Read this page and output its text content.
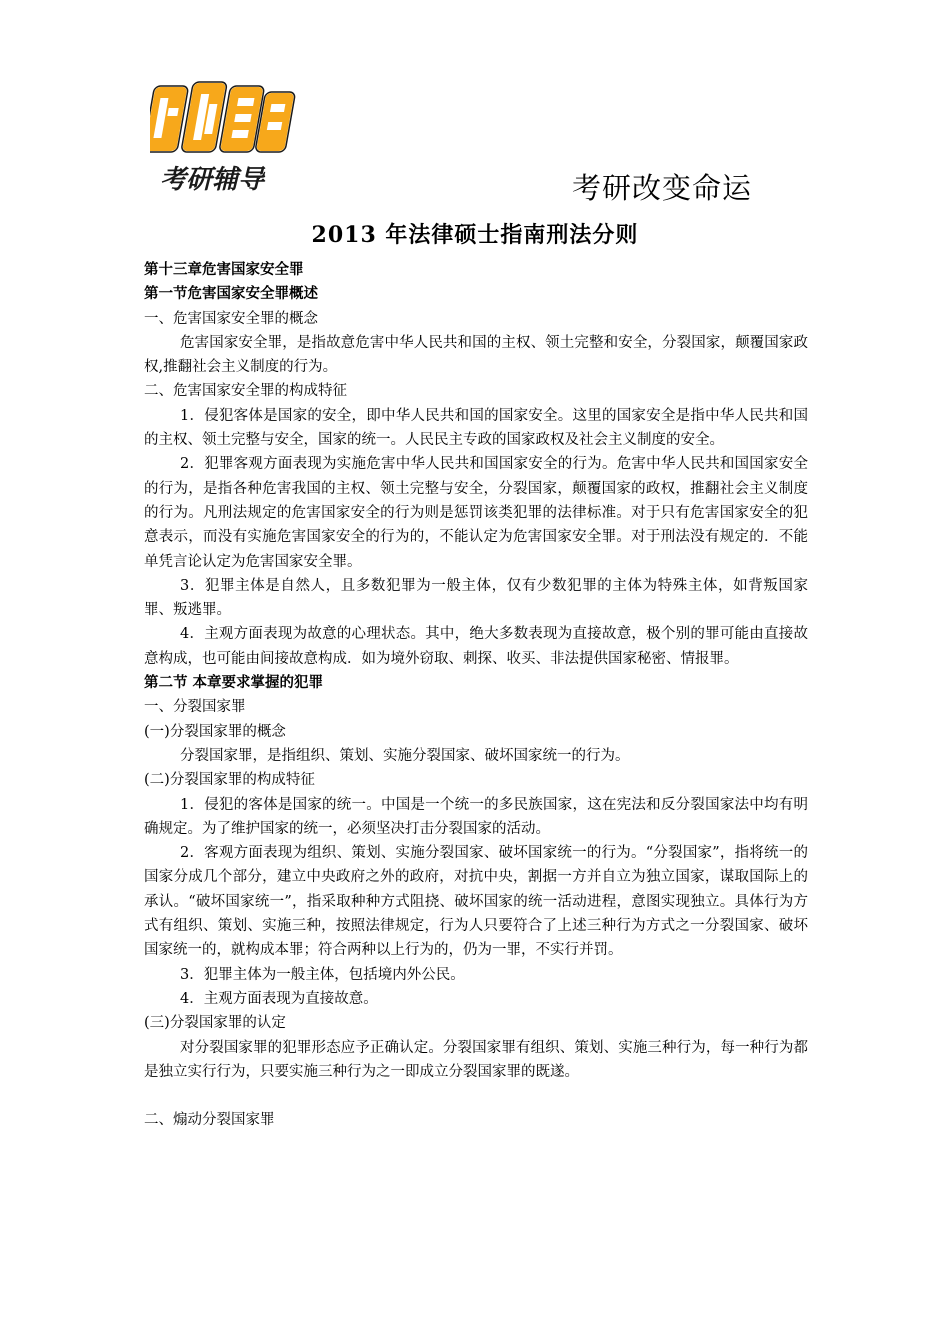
考研辅导	考研改变命运
2013 年法律硕士指南刑法分则

第十三章危害国家安全罪

第一节危害国家安全罪概述

一、危害国家安全罪的概念

危害国家安全罪，是指故意危害中华人民共和国的主权、领土完整和安全，分裂国家，颠覆国家政权,推翻社会主义制度的行为。

二、危害国家安全罪的构成特征

1．侵犯客体是国家的安全，即中华人民共和国的国家安全。这里的国家安全是指中华人民共和国的主权、领土完整与安全，国家的统一。人民民主专政的国家政权及社会主义制度的安全。

2．犯罪客观方面表现为实施危害中华人民共和国国家安全的行为。危害中华人民共和国国家安全的行为，是指各种危害我国的主权、领土完整与安全，分裂国家，颠覆国家的政权，推翻社会主义制度的行为。凡刑法规定的危害国家安全的行为则是惩罚该类犯罪的法律标准。对于只有危害国家安全的犯意表示，而没有实施危害国家安全的行为的，不能认定为危害国家安全罪。对于刑法没有规定的．不能单凭言论认定为危害国家安全罪。

3．犯罪主体是自然人，且多数犯罪为一般主体，仅有少数犯罪的主体为特殊主体，如背叛国家罪、叛逃罪。

4．主观方面表现为故意的心理状态。其中，绝大多数表现为直接故意，极个别的罪可能由直接故意构成，也可能由间接故意构成．如为境外窃取、刺探、收买、非法提供国家秘密、情报罪。

第二节 本章要求掌握的犯罪

一、分裂国家罪

(一)分裂国家罪的概念

分裂国家罪，是指组织、策划、实施分裂国家、破坏国家统一的行为。

(二)分裂国家罪的构成特征

1．侵犯的客体是国家的统一。中国是一个统一的多民族国家，这在宪法和反分裂国家法中均有明确规定。为了维护国家的统一，必须坚决打击分裂国家的活动。

2．客观方面表现为组织、策划、实施分裂国家、破坏国家统一的行为。“分裂国家”，指将统一的国家分成几个部分，建立中央政府之外的政府，对抗中央，割据一方并自立为独立国家，谋取国际上的承认。“破坏国家统一”，指采取种种方式阻挠、破坏国家的统一活动进程，意图实现独立。具体行为方式有组织、策划、实施三种，按照法律规定，行为人只要符合了上述三种行为方式之一分裂国家、破坏国家统一的，就构成本罪；符合两种以上行为的，仍为一罪，不实行并罚。

3．犯罪主体为一般主体，包括境内外公民。

4．主观方面表现为直接故意。

(三)分裂国家罪的认定

对分裂国家罪的犯罪形态应予正确认定。分裂国家罪有组织、策划、实施三种行为，每一种行为都是独立实行行为，只要实施三种行为之一即成立分裂国家罪的既遂。

二、煽动分裂国家罪
